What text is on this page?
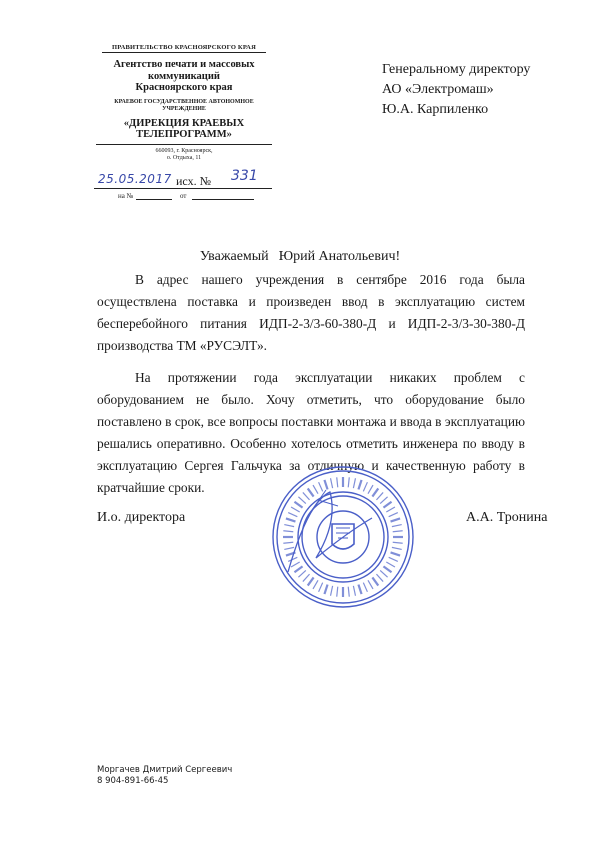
ПРАВИТЕЛЬСТВО КРАСНОЯРСКОГО КРАЯ
Агентство печати и массовых
коммуникаций
Красноярского края
КРАЕВОЕ ГОСУДАРСТВЕННОЕ АВТОНОМНОЕ
УЧРЕЖДЕНИЕ
«ДИРЕКЦИЯ КРАЕВЫХ
ТЕЛЕПРОГРАММ»
660093, г. Красноярск,
о. Отдыха, 11
25.05.2017 исх. № 331
на №	от
Генеральному директору
АО «Электромаш»
Ю.А. Карпиленко
Уважаемый Юрий Анатольевич!

В адрес нашего учреждения в сентябре 2016 года была осуществлена поставка и произведен ввод в эксплуатацию систем бесперебойного питания ИДП-2-3/3-60-380-Д и ИДП-2-3/3-30-380-Д производства ТМ «РУСЭЛТ».

На протяжении года эксплуатации никаких проблем с оборудованием не было. Хочу отметить, что оборудование было поставлено в срок, все вопросы поставки монтажа и ввода в эксплуатацию решались оперативно. Особенно хотелось отметить инженера по вводу в эксплуатацию Сергея Гальчука за отличную и качественную работу в кратчайшие сроки.

И.о. директора	А.А. Тронина
Моргачев Дмитрий Сергеевич
8 904-891-66-45
